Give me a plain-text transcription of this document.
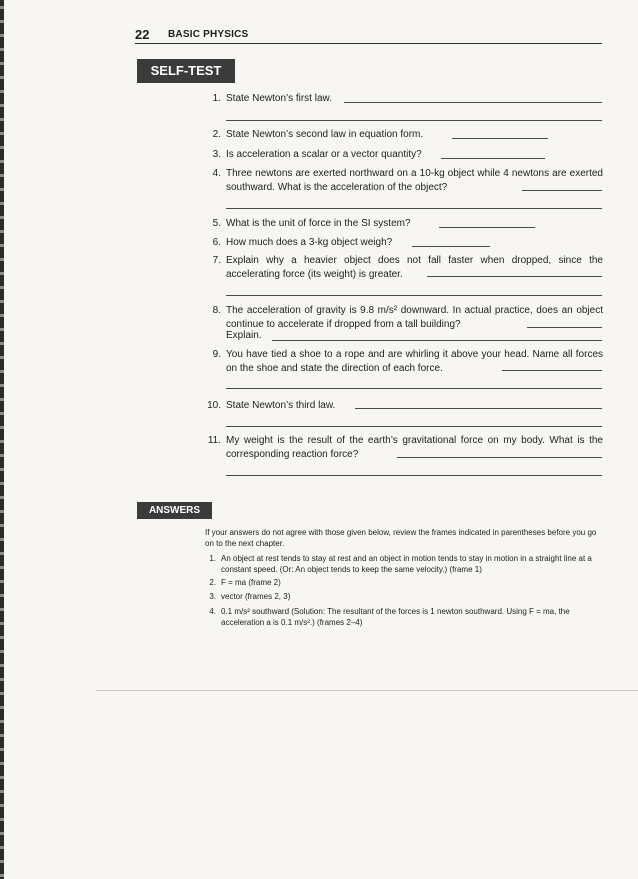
22 BASIC PHYSICS
SELF-TEST
1. State Newton’s first law.
2. State Newton’s second law in equation form.
3. Is acceleration a scalar or a vector quantity?
4. Three newtons are exerted northward on a 10-kg object while 4 newtons are exerted southward. What is the acceleration of the object?
5. What is the unit of force in the SI system?
6. How much does a 3-kg object weigh?
7. Explain why a heavier object does not fall faster when dropped, since the accelerating force (its weight) is greater.
8. The acceleration of gravity is 9.8 m/s² downward. In actual practice, does an object continue to accelerate if dropped from a tall building?
Explain.
9. You have tied a shoe to a rope and are whirling it above your head. Name all forces on the shoe and state the direction of each force.
10. State Newton’s third law.
11. My weight is the result of the earth’s gravitational force on my body. What is the corresponding reaction force?
ANSWERS
If your answers do not agree with those given below, review the frames indicated in parentheses before you go on to the next chapter.
1. An object at rest tends to stay at rest and an object in motion tends to stay in motion in a straight line at a constant speed. (Or: An object tends to keep the same velocity.) (frame 1)
2. F = ma (frame 2)
3. vector (frames 2, 3)
4. 0.1 m/s² southward (Solution: The resultant of the forces is 1 newton southward. Using F = ma, the acceleration a is 0.1 m/s².) (frames 2–4)
